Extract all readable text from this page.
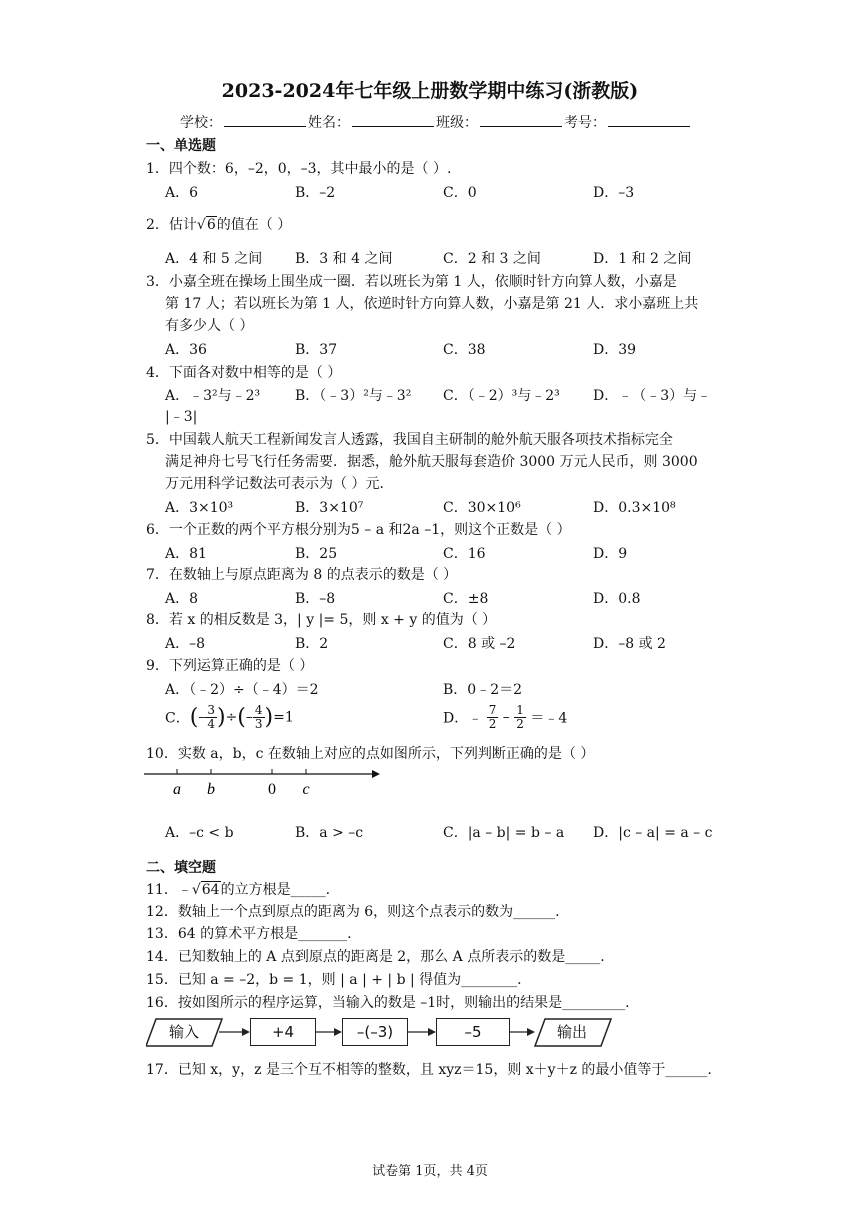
2023-2024年七年级上册数学期中练习(浙教版)
学校：	姓名：	班级：	考号：
一、单选题
1．四个数：6，–2，0，–3，其中最小的是（ ）.
A．6	B．–2	C．0	D．–3
2．估计√6的值在（ ）
A．4 和 5 之间 B．3 和 4 之间	C．2 和 3 之间	D．1 和 2 之间
3．小嘉全班在操场上围坐成一圈．若以班长为第 1 人，依顺时针方向算人数，小嘉是
第 17 人；若以班长为第 1 人，依逆时针方向算人数，小嘉是第 21 人．求小嘉班上共
有多少人（ ）
A．36	B．37	C．38	D．39
4．下面各对数中相等的是（ ）
A．﹣3²与﹣2³ B．（﹣3）²与﹣3² C．（﹣2）³与﹣2³ D．﹣（﹣3）与﹣
|﹣3|
5．中国载人航天工程新闻发言人透露，我国自主研制的舱外航天服各项技术指标完全
满足神舟七号飞行任务需要．据悉，舱外航天服每套造价 3000 万元人民币，则 3000
万元用科学记数法可表示为（ ）元．
A．3×10³	B．3×10⁷	C．30×10⁶	D．0.3×10⁸
6．一个正数的两个平方根分别为5 – a 和2a –1，则这个正数是（ ）
A．81	B．25	C．16	D．9
7．在数轴上与原点距离为 8 的点表示的数是（ ）
A．8	B．–8	C．±8	D．0.8
8．若 x 的相反数是 3，| y |= 5，则 x + y 的值为（ ）
A．–8	B．2	C．8 或 –2	D．–8 或 2
9．下列运算正确的是（ ）
A．（﹣2）÷（﹣4）＝2	B．0﹣2＝2
C．(– $\frac{3}{4}$ )÷(– $\frac{4}{3} )=1$	D．﹣ $\frac{7}{2} - \frac{1}{2}$ ＝﹣4
10．实数 a，b，c 在数轴上对应的点如图所示，下列判断正确的是（ ）
a b	0 c
A．–c < b	B．a > –c	C．|a – b| = b – a D．|c – a| = a – c
二、填空题
11．﹣√64的立方根是_____.
12．数轴上一个点到原点的距离为 6，则这个点表示的数为______.
13．64 的算术平方根是_______.
14．已知数轴上的 A 点到原点的距离是 2，那么 A 点所表示的数是_____.
15．已知 a = –2，b = 1，则 | a | + | b | 得值为________.
16．按如图所示的程序运算，当输入的数是 –1时，则输出的结果是_________.
输入	+4	–(–3)	–5	输出
17．已知 x，y，z 是三个互不相等的整数，且 xyz＝15，则 x＋y＋z 的最小值等于______.
试卷第 1页，共 4页
